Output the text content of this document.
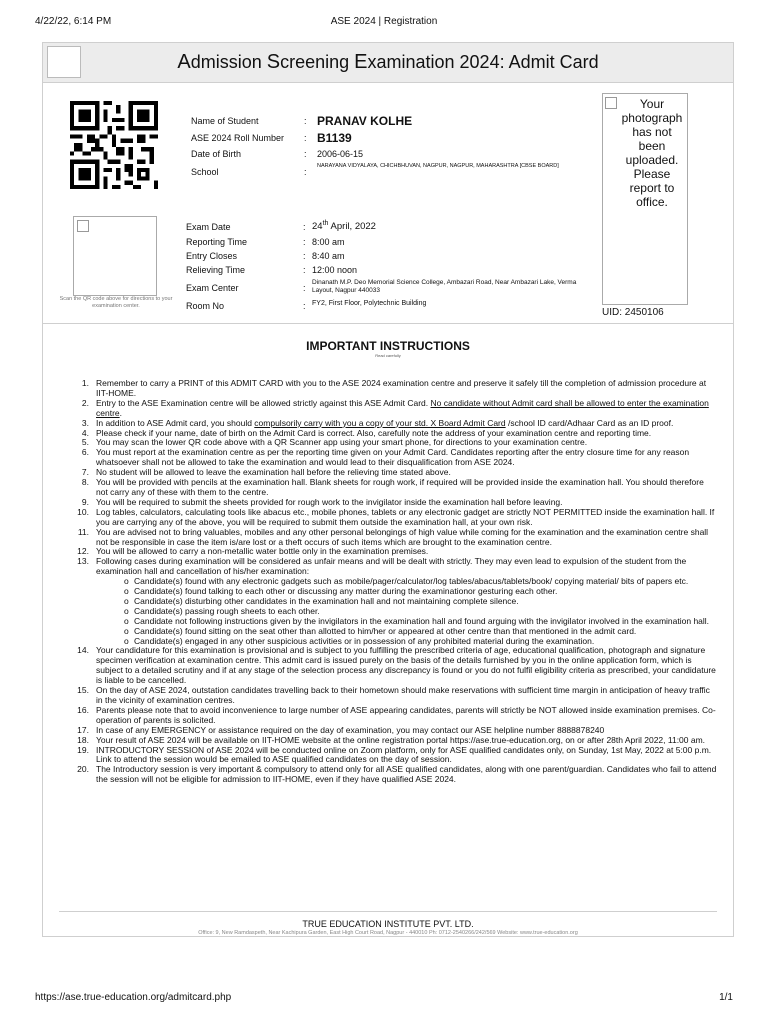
4/22/22, 6:14 PM	ASE 2024 | Registration
Admission Screening Examination 2024: Admit Card
Scan the QR code above for directions to your examination center.
Name of Student	: PRANAV KOLHE
ASE 2024 Roll Number : B1139
Date of Birth	: 2006-06-15
School	:
NARAYANA VIDYALAYA, CHICHBHUVAN, NAGPUR, NAGPUR, MAHARASHTRA [CBSE BOARD]
Exam Date	: 24th April, 2022
Reporting Time	: 8:00 am
Entry Closes	: 8:40 am
Relieving Time	: 12:00 noon
Exam Center	:
Dinanath M.P. Deo Memorial Science College, Ambazari Road, Near Ambazari Lake, Verma Layout, Nagpur 440033
Room No	: FY2, First Floor, Polytechnic Building
Your photograph has not been uploaded. Please report to office.
UID: 2450106
IMPORTANT INSTRUCTIONS
Read carefully
1. Remember to carry a PRINT of this ADMIT CARD with you to the ASE 2024 examination centre and preserve it safely till the completion of admission procedure at IIT-HOME.
2. Entry to the ASE Examination centre will be allowed strictly against this ASE Admit Card. No candidate without Admit card shall be allowed to enter the examination centre.
3. In addition to ASE Admit card, you should compulsorily carry with you a copy of your std. X Board Admit Card /school ID card/Adhaar Card as an ID proof.
4. Please check if your name, date of birth on the Admit Card is correct. Also, carefully note the address of your examination centre and reporting time.
5. You may scan the lower QR code above with a QR Scanner app using your smart phone, for directions to your examination centre.
6. You must report at the examination centre as per the reporting time given on your Admit Card. Candidates reporting after the entry closure time for any reason whatsoever shall not be allowed to take the examination and would lead to their disqualification from ASE 2024.
7. No student will be allowed to leave the examination hall before the relieving time stated above.
8. You will be provided with pencils at the examination hall. Blank sheets for rough work, if required will be provided inside the examination hall. You should therefore not carry any of these with them to the centre.
9. You will be required to submit the sheets provided for rough work to the invigilator inside the examination hall before leaving.
10. Log tables, calculators, calculating tools like abacus etc., mobile phones, tablets or any electronic gadget are strictly NOT PERMITTED inside the examination hall. If you are carrying any of the above, you will be required to submit them outside the examination hall, at your own risk.
11. You are advised not to bring valuables, mobiles and any other personal belongings of high value while coming for the examination and the examination centre shall not be responsible in case the item is/are lost or a theft occurs of such items which are brought to the examination centre.
12. You will be allowed to carry a non-metallic water bottle only in the examination premises.
13. Following cases during examination will be considered as unfair means and will be dealt with strictly. They may even lead to expulsion of the student from the examination hall and cancellation of his/her examination:
o Candidate(s) found with any electronic gadgets such as mobile/pager/calculator/log tables/abacus/tablets/book/ copying material/ bits of papers etc.
o Candidate(s) found talking to each other or discussing any matter during the examinationor gesturing each other.
o Candidate(s) disturbing other candidates in the examination hall and not maintaining complete silence.
o Candidate(s) passing rough sheets to each other.
o Candidate not following instructions given by the invigilators in the examination hall and found arguing with the invigilator involved in the examination hall.
o Candidate(s) found sitting on the seat other than allotted to him/her or appeared at other centre than that mentioned in the admit card.
o Candidate(s) engaged in any other suspicious activities or in possession of any prohibited material during the examination.
14. Your candidature for this examination is provisional and is subject to you fulfilling the prescribed criteria of age, educational qualification, photograph and signature specimen verification at examination centre. This admit card is issued purely on the basis of the details furnished by you in the online application form, which is subject to a detailed scrutiny and if at any stage of the selection process any discrepancy is found or you do not fulfil eligibility criteria as prescribed, your candidature is liable to be cancelled.
15. On the day of ASE 2024, outstation candidates travelling back to their hometown should make reservations with sufficient time margin in anticipation of heavy traffic in the vicinity of examination centres.
16. Parents please note that to avoid inconvenience to large number of ASE appearing candidates, parents will strictly be NOT allowed inside examination premises. Co-operation of parents is solicited.
17. In case of any EMERGENCY or assistance required on the day of examination, you may contact our ASE helpline number 8888878240
18. Your result of ASE 2024 will be available on IIT-HOME website at the online registration portal https://ase.true-education.org, on or after 28th April 2022, 11:00 am.
19. INTRODUCTORY SESSION of ASE 2024 will be conducted online on Zoom platform, only for ASE qualified candidates only, on Sunday, 1st May, 2022 at 5:00 p.m. Link to attend the session would be emailed to ASE qualified candidates on the day of session.
20. The Introductory session is very important & compulsory to attend only for all ASE qualified candidates, along with one parent/guardian. Candidates who fail to attend the session will not be eligible for admission to IIT-HOME, even if they have qualified ASE 2024.
TRUE EDUCATION INSTITUTE PVT. LTD.
Office: 9, New Ramdaspeth, Near Kachipura Garden, East High Court Road, Nagpur - 440010 Ph: 0712-2540266/242/569 Website: www.true-education.org
https://ase.true-education.org/admitcard.php	1/1
